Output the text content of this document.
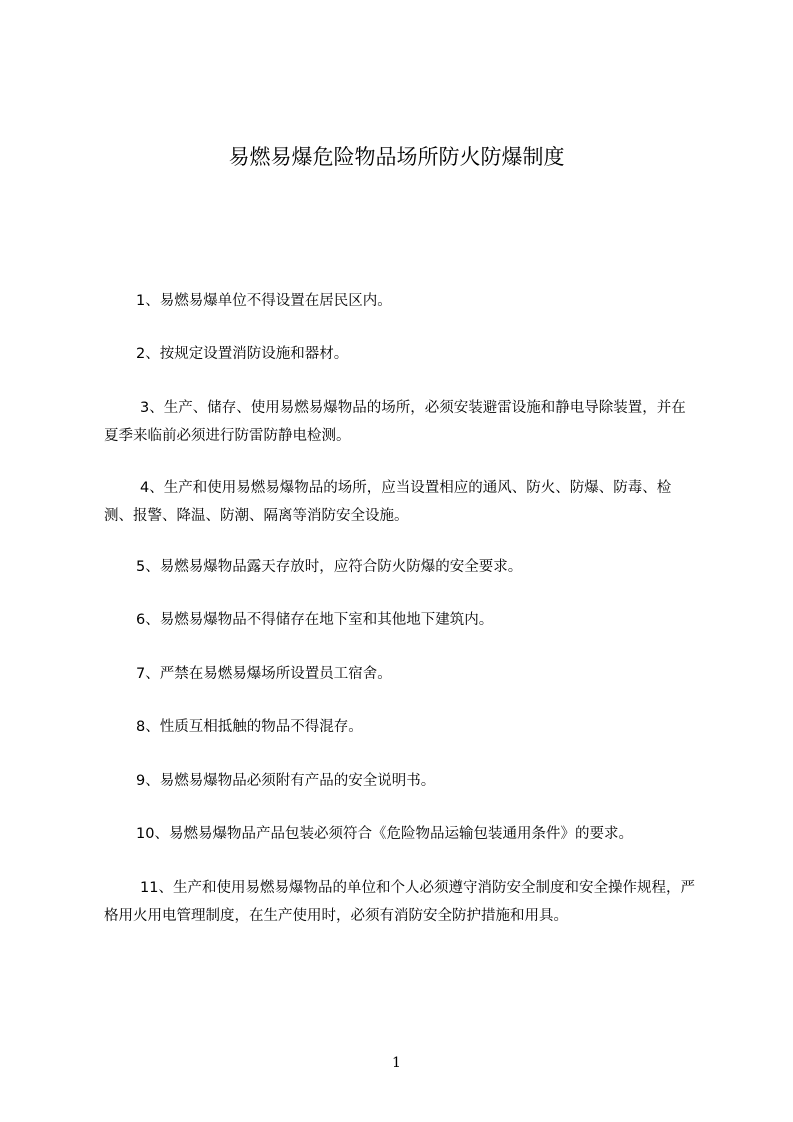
易燃易爆危险物品场所防火防爆制度

1、易燃易爆单位不得设置在居民区内。

2、按规定设置消防设施和器材。

3、生产、储存、使用易燃易爆物品的场所，必须安装避雷设施和静电导除装置，并在夏季来临前必须进行防雷防静电检测。

4、生产和使用易燃易爆物品的场所，应当设置相应的通风、防火、防爆、防毒、检测、报警、降温、防潮、隔离等消防安全设施。

5、易燃易爆物品露天存放时，应符合防火防爆的安全要求。

6、易燃易爆物品不得储存在地下室和其他地下建筑内。

7、严禁在易燃易爆场所设置员工宿舍。

8、性质互相抵触的物品不得混存。

9、易燃易爆物品必须附有产品的安全说明书。

10、易燃易爆物品产品包装必须符合《危险物品运输包装通用条件》的要求。

11、生产和使用易燃易爆物品的单位和个人必须遵守消防安全制度和安全操作规程，严格用火用电管理制度，在生产使用时，必须有消防安全防护措施和用具。

1
